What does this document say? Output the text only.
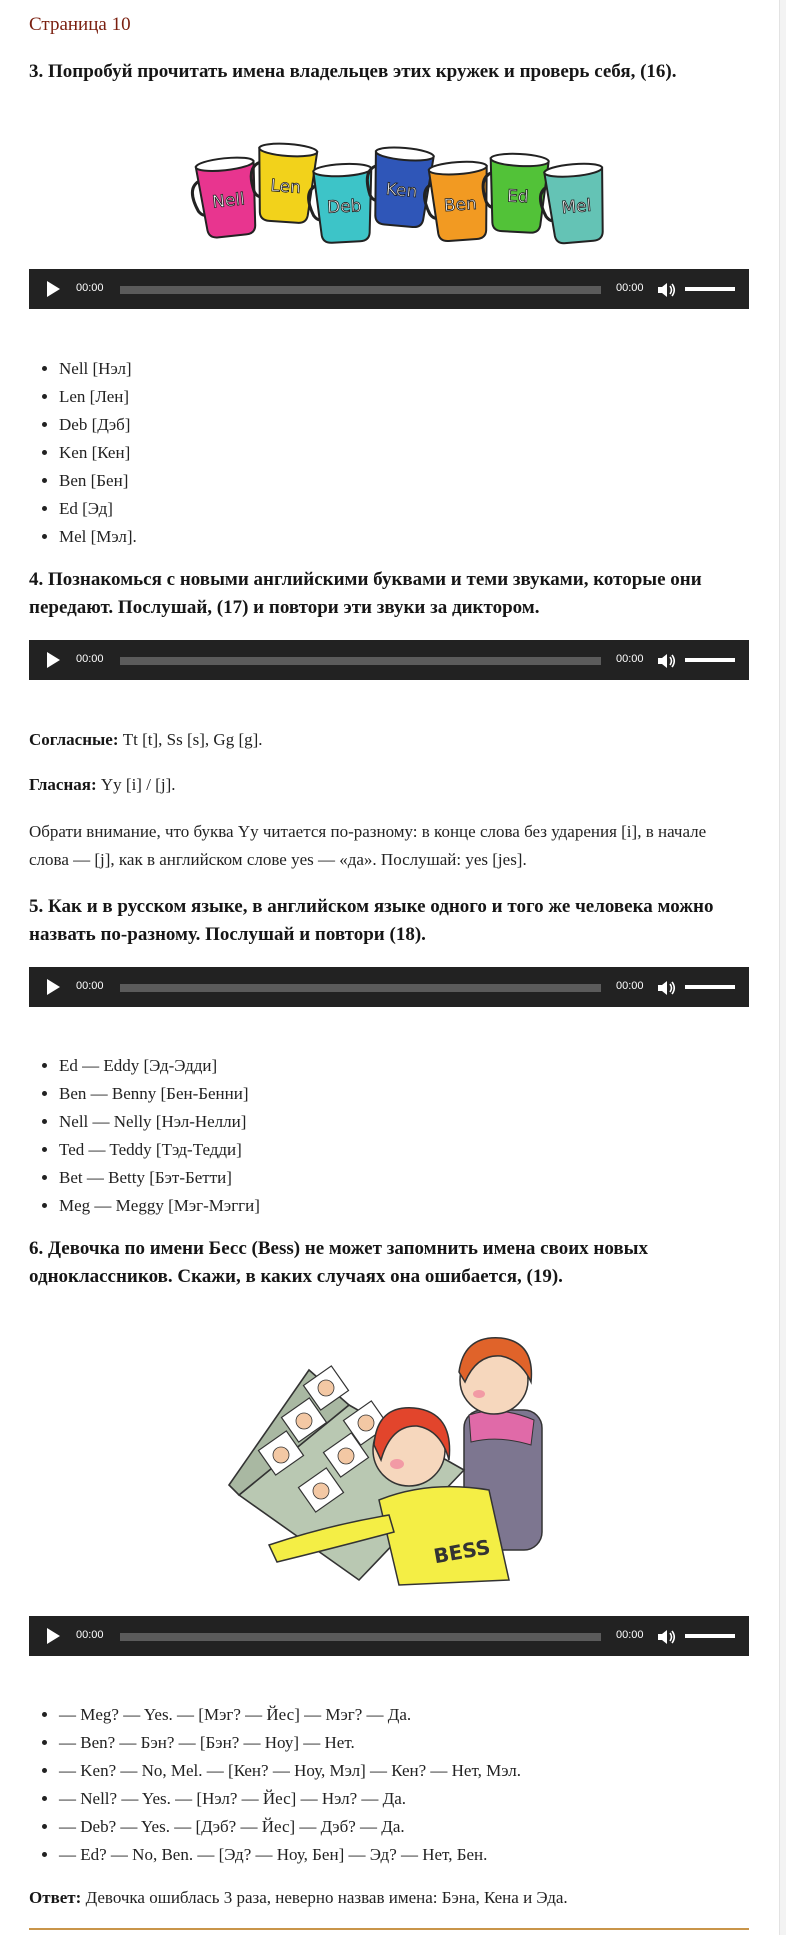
Страница 10

3. Попробуй прочитать имена владельцев этих кружек и проверь себя, (16).
Nell
Len
Deb
Ken
Ben Ed Mel
00:00	00:00
• Nell [Нэл]
• Len [Лен]
• Deb [Дэб]
• Ken [Кен]
• Ben [Бен]
• Ed [Эд]
• Mel [Мэл].
4. Познакомься с новыми английскими буквами и теми звуками, которые они передают. Послушай, (17) и повтори эти звуки за диктором.
00:00	00:00

Согласные: Tt [t], Ss [s], Gg [g].

Гласная: Yy [i] / [j].

Обрати внимание, что буква Yy читается по-разному: в конце слова без ударения [i], в начале слова — [j], как в английском слове yes — «да». Послушай: yes [jes].

5. Как и в русском языке, в английском языке одного и того же человека можно назвать по-разному. Послушай и повтори (18).
00:00	00:00
• Ed — Eddy [Эд-Эдди]
• Ben — Benny [Бен-Бенни]
• Nell — Nelly [Нэл-Нелли]
• Ted — Teddy [Тэд-Тедди]
• Bet — Betty [Бэт-Бетти]
• Meg — Meggy [Мэг-Мэгги]
6. Девочка по имени Бесс (Bess) не может запомнить имена своих новых одноклассников. Скажи, в каких случаях она ошибается, (19).
BESS
00:00	00:00
• — Meg? — Yes. — [Мэг? — Йес] — Мэг? — Да.
• — Ben? — Бэн? — [Бэн? — Ноу] — Нет.
• — Ken? — No, Mel. — [Кен? — Ноу, Мэл] — Кен? — Нет, Мэл.
• — Nell? — Yes. — [Нэл? — Йес] — Нэл? — Да.
• — Deb? — Yes. — [Дэб? — Йес] — Дэб? — Да.
• — Ed? — No, Ben. — [Эд? — Ноу, Бен] — Эд? — Нет, Бен.

Ответ: Девочка ошиблась 3 раза, неверно назвав имена: Бэна, Кена и Эда.
